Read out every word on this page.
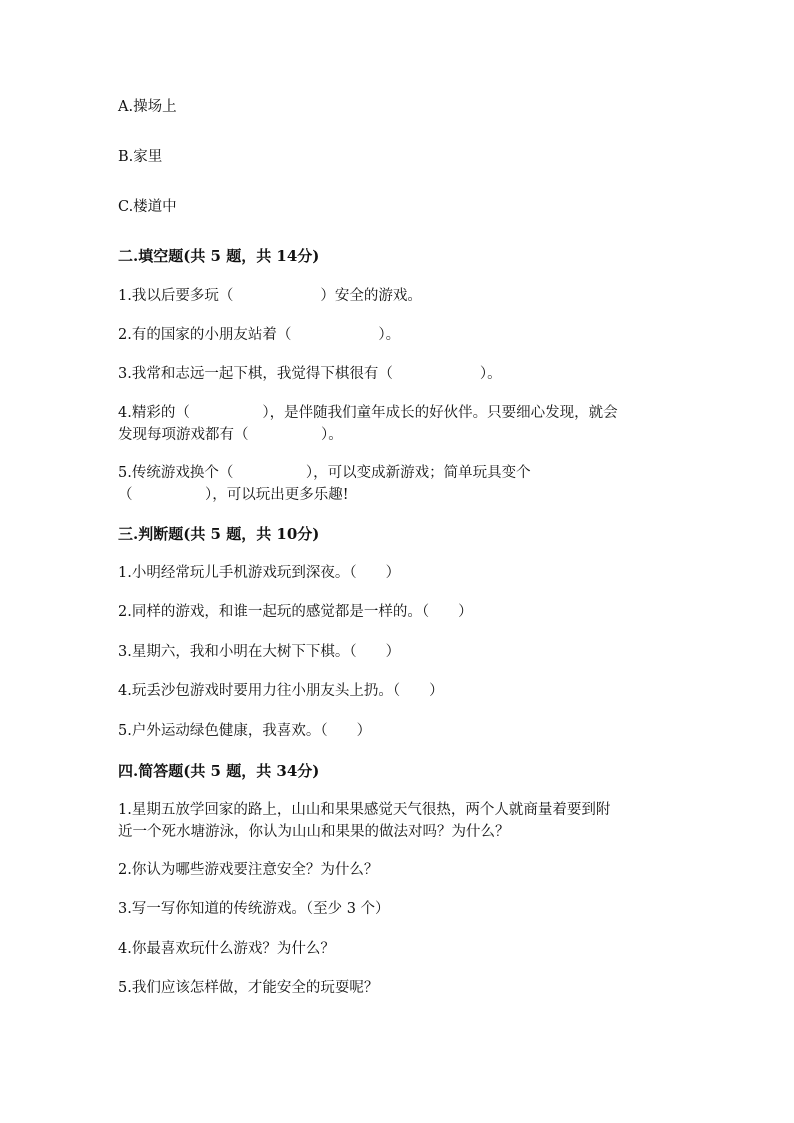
A.操场上
B.家里
C.楼道中
二.填空题(共 5 题，共 14分)
1.我以后要多玩（　　　　　　）安全的游戏。
2.有的国家的小朋友站着（　　　　　　）。
3.我常和志远一起下棋，我觉得下棋很有（　　　　　　）。
4.精彩的（　　　　　），是伴随我们童年成长的好伙伴。只要细心发现，就会
发现每项游戏都有（　　　　　）。
5.传统游戏换个（　　　　　），可以变成新游戏；简单玩具变个
（　　　　　），可以玩出更多乐趣!
三.判断题(共 5 题，共 10分)
1.小明经常玩儿手机游戏玩到深夜。（　　）
2.同样的游戏，和谁一起玩的感觉都是一样的。（　　）
3.星期六，我和小明在大树下下棋。（　　）
4.玩丢沙包游戏时要用力往小朋友头上扔。（　　）
5.户外运动绿色健康，我喜欢。（　　）
四.简答题(共 5 题，共 34分)
1.星期五放学回家的路上，山山和果果感觉天气很热，两个人就商量着要到附
近一个死水塘游泳，你认为山山和果果的做法对吗？为什么？
2.你认为哪些游戏要注意安全？为什么？
3.写一写你知道的传统游戏。（至少 3 个）
4.你最喜欢玩什么游戏？为什么？
5.我们应该怎样做，才能安全的玩耍呢？
